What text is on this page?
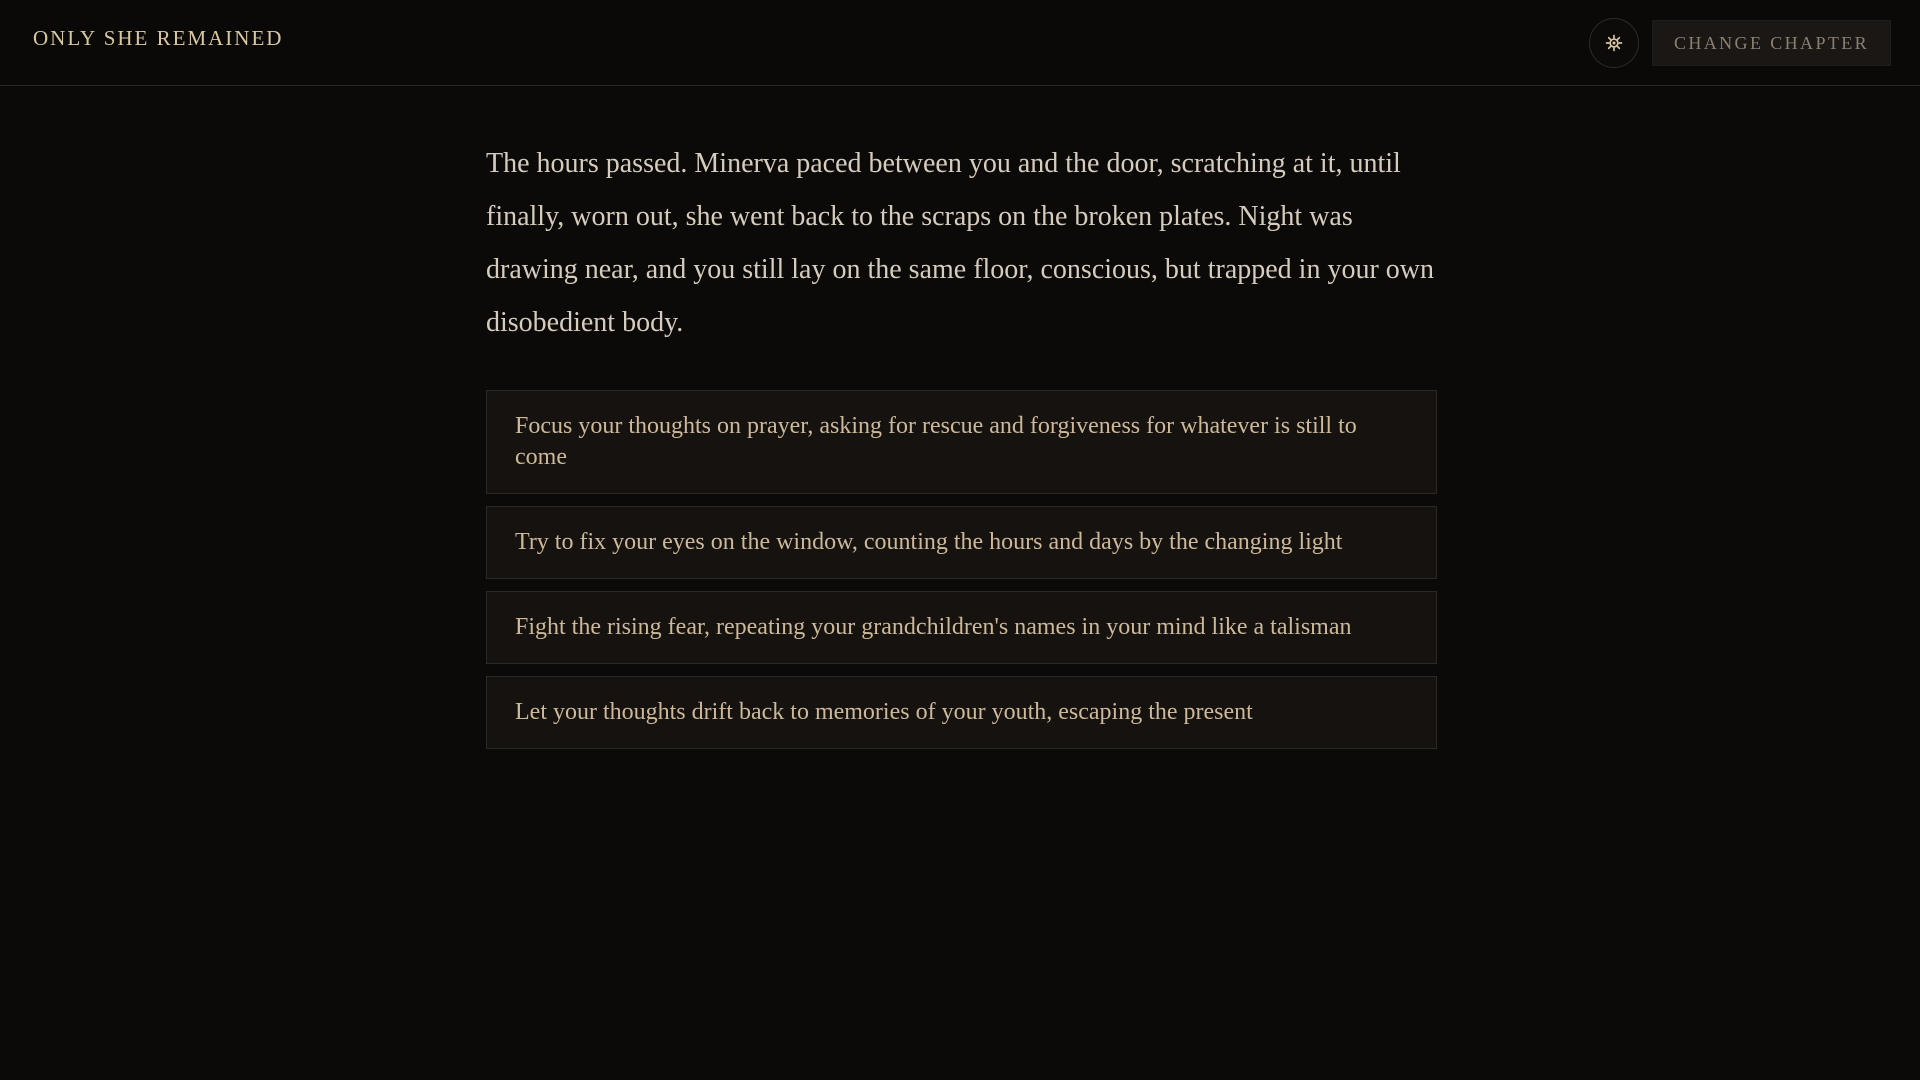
ONLY SHE REMAINED	CHANGE CHAPTER

The hours passed. Minerva paced between you and the door, scratching at it, until finally, worn out, she went back to the scraps on the broken plates. Night was drawing near, and you still lay on the same floor, conscious, but trapped in your own disobedient body.

Focus your thoughts on prayer, asking for rescue and forgiveness for whatever is still to come
Try to fix your eyes on the window, counting the hours and days by the changing light
Fight the rising fear, repeating your grandchildren's names in your mind like a talisman
Let your thoughts drift back to memories of your youth, escaping the present
